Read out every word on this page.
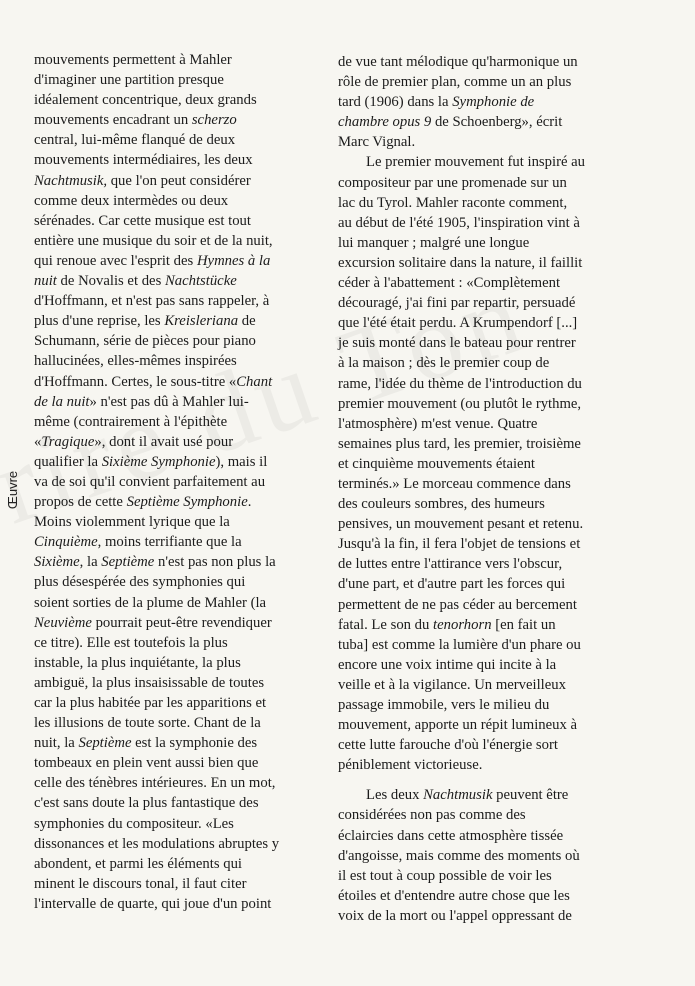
Œuvre
mouvements permettent à Mahler
d'imaginer une partition presque
idéalement concentrique, deux grands
mouvements encadrant un scherzo
central, lui-même flanqué de deux
mouvements intermédiaires, les deux
Nachtmusik, que l'on peut considérer
comme deux intermèdes ou deux
sérénades. Car cette musique est tout
entière une musique du soir et de la nuit,
qui renoue avec l'esprit des Hymnes à la
nuit de Novalis et des Nachtstücke
d'Hoffmann, et n'est pas sans rappeler, à
plus d'une reprise, les Kreisleriana de
Schumann, série de pièces pour piano
hallucinées, elles-mêmes inspirées
d'Hoffmann. Certes, le sous-titre «Chant
de la nuit» n'est pas dû à Mahler lui-
même (contrairement à l'épithète
«Tragique», dont il avait usé pour
qualifier la Sixième Symphonie), mais il
va de soi qu'il convient parfaitement au
propos de cette Septième Symphonie.
Moins violemment lyrique que la
Cinquième, moins terrifiante que la
Sixième, la Septième n'est pas non plus la
plus désespérée des symphonies qui
soient sorties de la plume de Mahler (la
Neuvième pourrait peut-être revendiquer
ce titre). Elle est toutefois la plus
instable, la plus inquiétante, la plus
ambiguë, la plus insaisissable de toutes
car la plus habitée par les apparitions et
les illusions de toute sorte. Chant de la
nuit, la Septième est la symphonie des
tombeaux en plein vent aussi bien que
celle des ténèbres intérieures. En un mot,
c'est sans doute la plus fantastique des
symphonies du compositeur. «Les
dissonances et les modulations abruptes y
abondent, et parmi les éléments qui
minent le discours tonal, il faut citer
l'intervalle de quarte, qui joue d'un point
de vue tant mélodique qu'harmonique un
rôle de premier plan, comme un an plus
tard (1906) dans la Symphonie de
chambre opus 9 de Schoenberg», écrit
Marc Vignal.
Le premier mouvement fut inspiré au
compositeur par une promenade sur un
lac du Tyrol. Mahler raconte comment,
au début de l'été 1905, l'inspiration vint à
lui manquer ; malgré une longue
excursion solitaire dans la nature, il faillit
céder à l'abattement : «Complètement
découragé, j'ai fini par repartir, persuadé
que l'été était perdu. A Krumpendorf [...]
je suis monté dans le bateau pour rentrer
à la maison ; dès le premier coup de
rame, l'idée du thème de l'introduction du
premier mouvement (ou plutôt le rythme,
l'atmosphère) m'est venue. Quatre
semaines plus tard, les premier, troisième
et cinquième mouvements étaient
terminés.» Le morceau commence dans
des couleurs sombres, des humeurs
pensives, un mouvement pesant et retenu.
Jusqu'à la fin, il fera l'objet de tensions et
de luttes entre l'attirance vers l'obscur,
d'une part, et d'autre part les forces qui
permettent de ne pas céder au bercement
fatal. Le son du tenorhorn [en fait un
tuba] est comme la lumière d'un phare ou
encore une voix intime qui incite à la
veille et à la vigilance. Un merveilleux
passage immobile, vers le milieu du
mouvement, apporte un répit lumineux à
cette lutte farouche d'où l'énergie sort
péniblement victorieuse.
Les deux Nachtmusik peuvent être
considérées non pas comme des
éclaircies dans cette atmosphère tissée
d'angoisse, mais comme des moments où
il est tout à coup possible de voir les
étoiles et d'entendre autre chose que les
voix de la mort ou l'appel oppressant de
